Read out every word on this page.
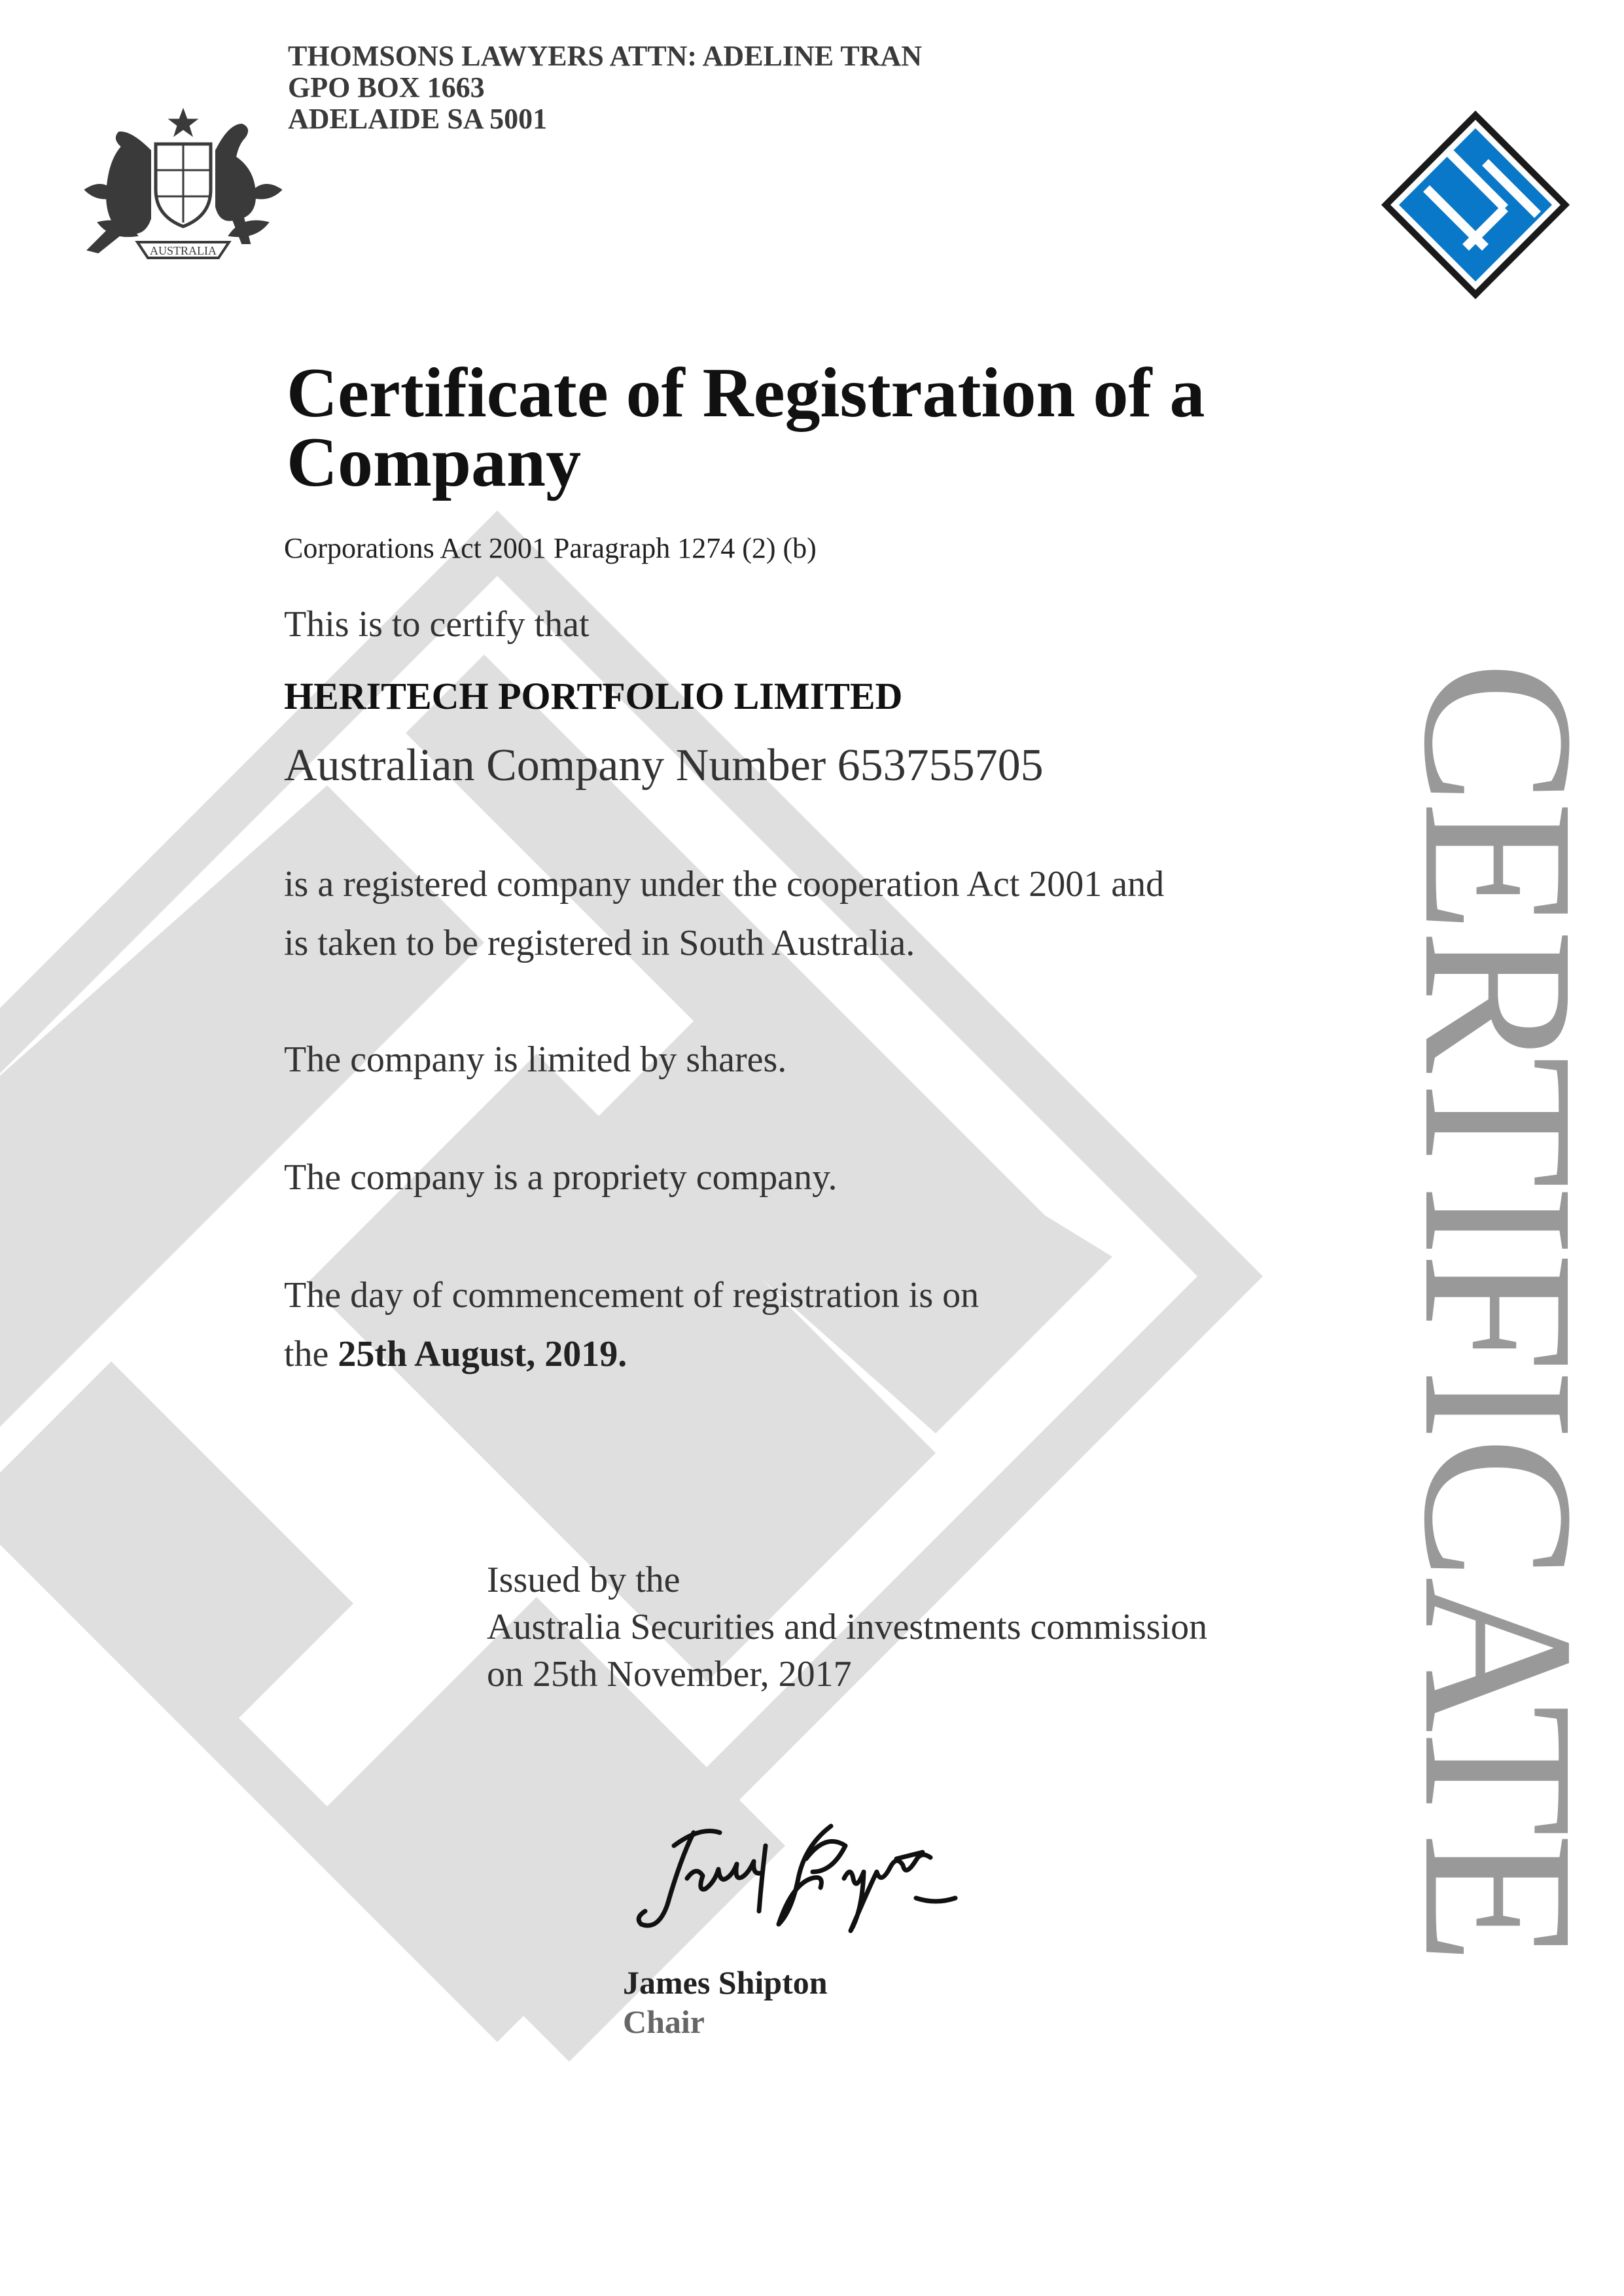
AUSTRALIA
THOMSONS LAWYERS ATTN: ADELINE TRAN
GPO BOX 1663
ADELAIDE SA 5001
Certificate of Registration of a Company
Corporations Act 2001 Paragraph 1274 (2) (b)
This is to certify that
HERITECH PORTFOLIO LIMITED
Australian Company Number 653755705
is a registered company under the cooperation Act 2001 and
is taken to be registered in South Australia.
The company is limited by shares.
The company is a propriety company.
The day of commencement of registration is on
the 25th August, 2019.
Issued by the
Australia Securities and investments commission
on 25th November, 2017
James Shipton
Chair
CERTIFICATE
